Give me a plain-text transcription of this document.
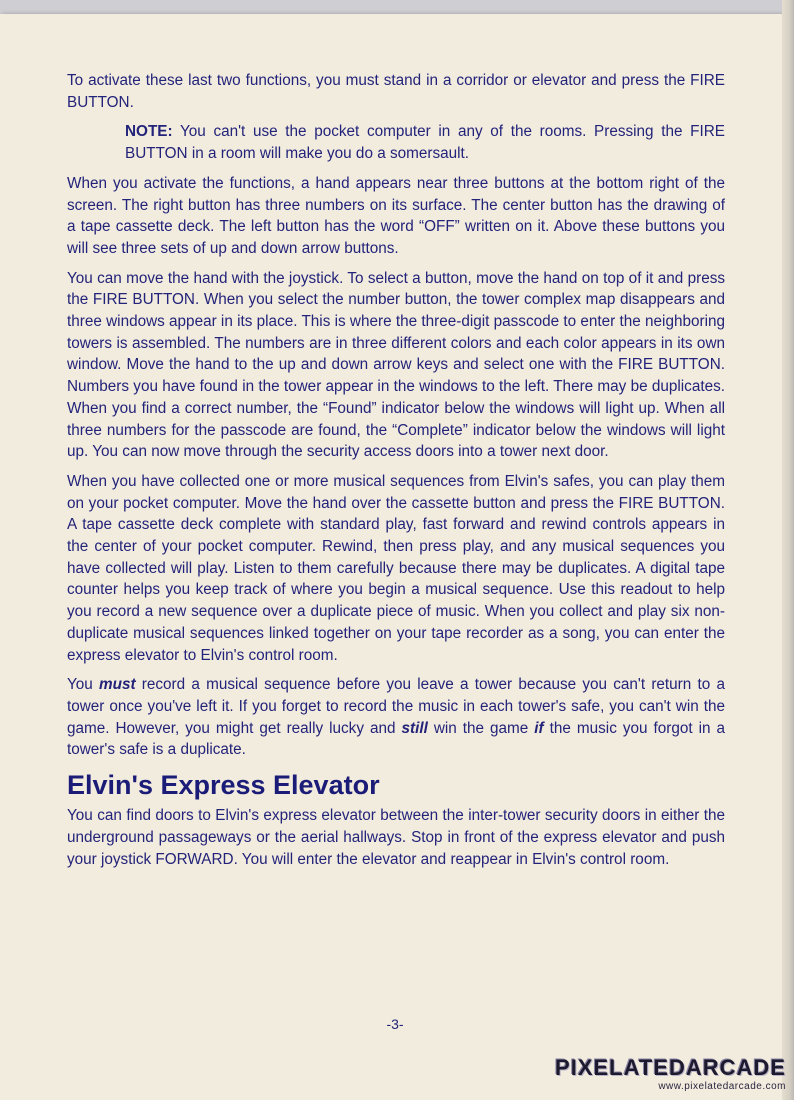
To activate these last two functions, you must stand in a corridor or elevator and press the FIRE BUTTON.

NOTE: You can't use the pocket computer in any of the rooms. Pressing the FIRE BUTTON in a room will make you do a somersault.

When you activate the functions, a hand appears near three buttons at the bottom right of the screen. The right button has three numbers on its surface. The center button has the drawing of a tape cassette deck. The left button has the word “OFF” written on it. Above these buttons you will see three sets of up and down arrow buttons.

You can move the hand with the joystick. To select a button, move the hand on top of it and press the FIRE BUTTON. When you select the number button, the tower complex map disappears and three windows appear in its place. This is where the three-digit passcode to enter the neighboring towers is assembled. The numbers are in three different colors and each color appears in its own window. Move the hand to the up and down arrow keys and select one with the FIRE BUTTON. Numbers you have found in the tower appear in the windows to the left. There may be duplicates. When you find a correct number, the “Found” indicator below the windows will light up. When all three numbers for the passcode are found, the “Complete” indicator below the windows will light up. You can now move through the security access doors into a tower next door.

When you have collected one or more musical sequences from Elvin's safes, you can play them on your pocket computer. Move the hand over the cassette button and press the FIRE BUTTON. A tape cassette deck complete with standard play, fast forward and rewind controls appears in the center of your pocket computer. Rewind, then press play, and any musical sequences you have collected will play. Listen to them carefully because there may be duplicates. A digital tape counter helps you keep track of where you begin a musical sequence. Use this readout to help you record a new sequence over a duplicate piece of music. When you collect and play six non-duplicate musical sequences linked together on your tape recorder as a song, you can enter the express elevator to Elvin's control room.

You must record a musical sequence before you leave a tower because you can't return to a tower once you've left it. If you forget to record the music in each tower's safe, you can't win the game. However, you might get really lucky and still win the game if the music you forgot in a tower's safe is a duplicate.

Elvin's Express Elevator

You can find doors to Elvin's express elevator between the inter-tower security doors in either the underground passageways or the aerial hallways. Stop in front of the express elevator and push your joystick FORWARD. You will enter the elevator and reappear in Elvin's control room.

-3-
PIXELATEDARCADE
www.pixelatedarcade.com
